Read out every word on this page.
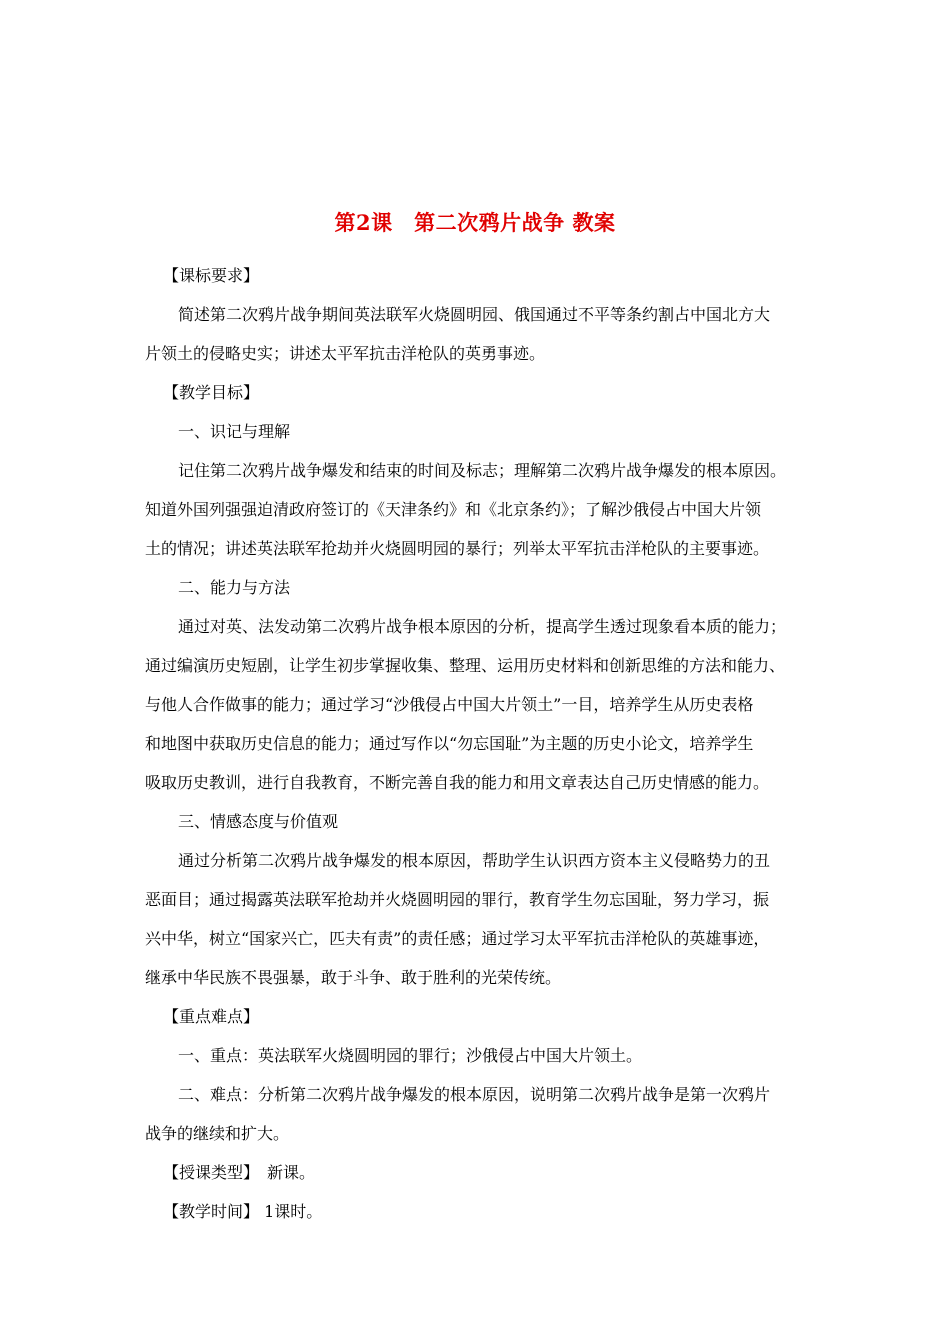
第2课　第二次鸦片战争 教案
【课标要求】
简述第二次鸦片战争期间英法联军火烧圆明园、俄国通过不平等条约割占中国北方大
片领土的侵略史实；讲述太平军抗击洋枪队的英勇事迹。
【教学目标】
一、识记与理解
记住第二次鸦片战争爆发和结束的时间及标志；理解第二次鸦片战争爆发的根本原因。
知道外国列强强迫清政府签订的《天津条约》和《北京条约》；了解沙俄侵占中国大片领
土的情况；讲述英法联军抢劫并火烧圆明园的暴行；列举太平军抗击洋枪队的主要事迹。
二、能力与方法
通过对英、法发动第二次鸦片战争根本原因的分析，提高学生透过现象看本质的能力；
通过编演历史短剧，让学生初步掌握收集、整理、运用历史材料和创新思维的方法和能力、
与他人合作做事的能力；通过学习“沙俄侵占中国大片领土”一目，培养学生从历史表格
和地图中获取历史信息的能力；通过写作以“勿忘国耻”为主题的历史小论文，培养学生
吸取历史教训，进行自我教育，不断完善自我的能力和用文章表达自己历史情感的能力。
三、情感态度与价值观
通过分析第二次鸦片战争爆发的根本原因，帮助学生认识西方资本主义侵略势力的丑
恶面目；通过揭露英法联军抢劫并火烧圆明园的罪行，教育学生勿忘国耻，努力学习，振
兴中华，树立“国家兴亡，匹夫有责”的责任感；通过学习太平军抗击洋枪队的英雄事迹，
继承中华民族不畏强暴，敢于斗争、敢于胜利的光荣传统。
【重点难点】
一、重点：英法联军火烧圆明园的罪行；沙俄侵占中国大片领土。
二、难点：分析第二次鸦片战争爆发的根本原因，说明第二次鸦片战争是第一次鸦片
战争的继续和扩大。
【授课类型】　新课。
【教学时间】 1课时。
